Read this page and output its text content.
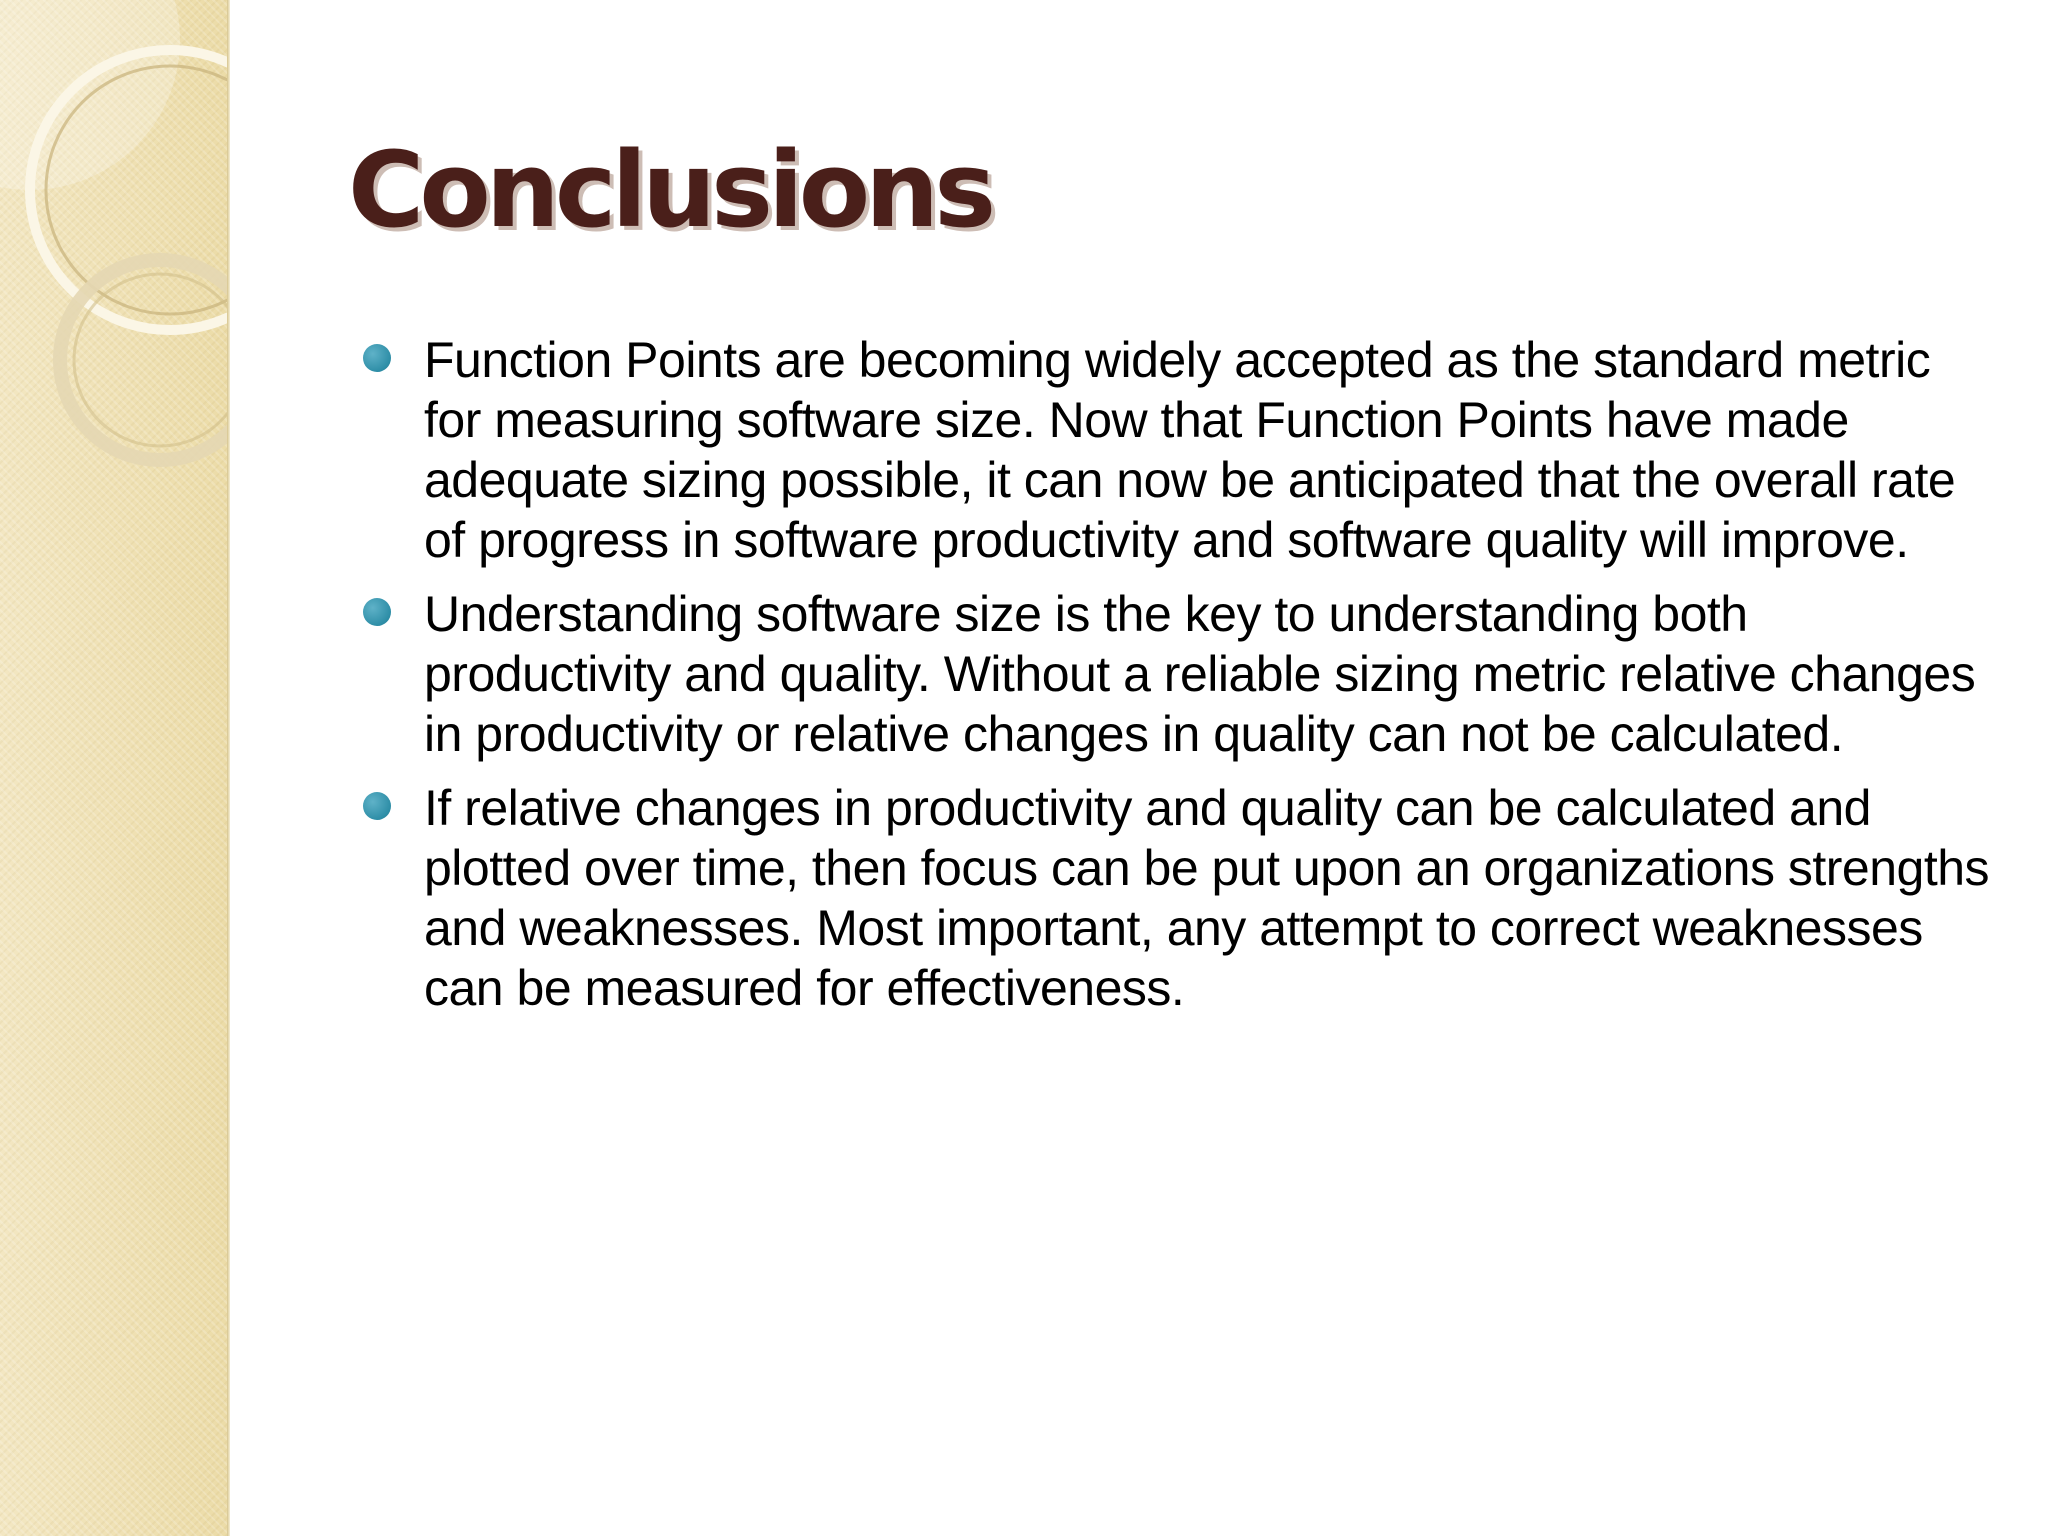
Conclusions
Function Points are becoming widely accepted as the standard metric for measuring software size. Now that Function Points have made adequate sizing possible, it can now be anticipated that the overall rate of progress in software productivity and software quality will improve.
Understanding software size is the key to understanding both productivity and quality. Without a reliable sizing metric relative changes in productivity or relative changes in quality can not be calculated.
If relative changes in productivity and quality can be calculated and plotted over time, then focus can be put upon an organizations strengths and weaknesses. Most important, any attempt to correct weaknesses can be measured for effectiveness.
